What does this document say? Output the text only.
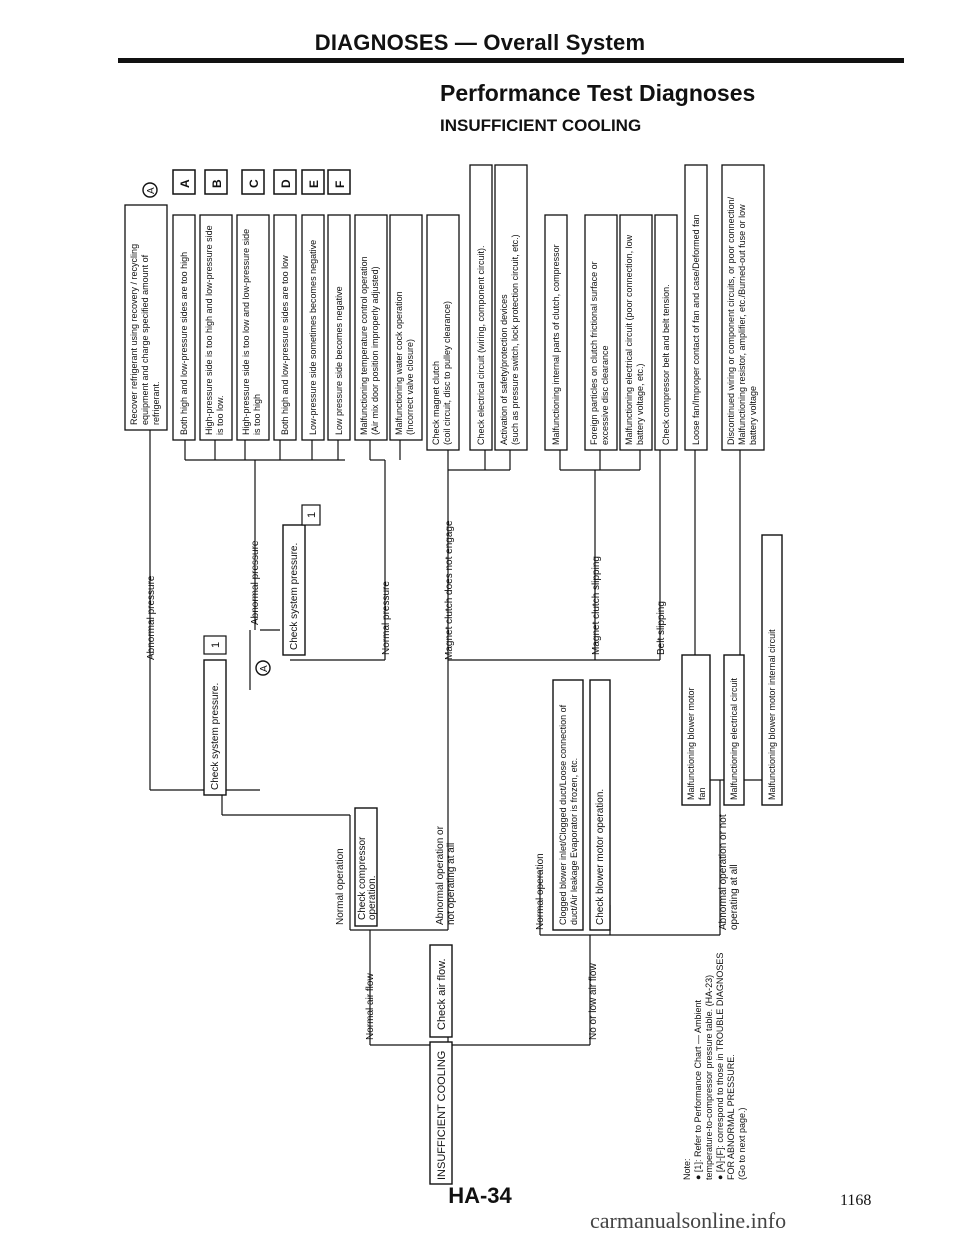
DIAGNOSES — Overall System
Performance Test Diagnoses
INSUFFICIENT COOLING
INSUFFICIENT COOLING
Check air flow.
Normal air flow	No or low air flow
Check compressor operation.
Normal operation	Abnormal operation or not operating at all
Check system pressure.
1
Abnormal pressure	Check system pressure.
1
Abnormal pressure	Normal pressure
A
A
Magnet clutch does not engage	Magnet clutch slipping	Belt slipping
Clogged blower inlet/Clogged duct/Loose connection of duct/Air leakage Evaporator is frozen, etc.
Normal operation	Check blower motor operation.	Abnormal operation or not operating at all
Malfunctioning blower motor fan Malfunctioning electrical circuit	Malfunctioning blower motor internal circuit
Recover refrigerant using recovery / recycling equipment and charge specified amount of refrigerant. Both high and low-pressure sides are too high
A
High-pressure side is too high and low-pressure side is too low.
B
High-pressure side is too low and low-pressure side is too high
C
Both high and low-pressure sides are too low
D
Low-pressure side sometimes becomes negative
E
Low pressure side becomes negative
F
Malfunctioning temperature control operation (Air mix door position improperly adjusted) Malfunctioning water cock operation (Incorrect valve closure) Check magnet clutch (coil circuit, disc to pulley clearance)	Check electrical circuit (wiring, component circuit). Activation of safety/protection devices (such as pressure switch, lock protection circuit, etc.)	Malfunctioning internal parts of clutch, compressor	Foreign particles on clutch frictional surface or excessive disc clearance Malfunctioning electrical circuit (poor connection, low battery voltage, etc.) Check compressor belt and belt tension. Loose fan/Improper contact of fan and case/Deformed fan	Discontinued wiring or component circuits, or poor connection/ Malfunctioning resistor, amplifier, etc./Burned-out fuse or low battery voltage
Note: ● [1]: Refer to Performance Chart — Ambient temperature-to-compressor pressure table. (HA-23) ● [A]-[F]: correspond to those in TROUBLE DIAGNOSES FOR ABNORMAL PRESSURE. (Go to next page.)
HA-34	1168
carmanualsonline.info
